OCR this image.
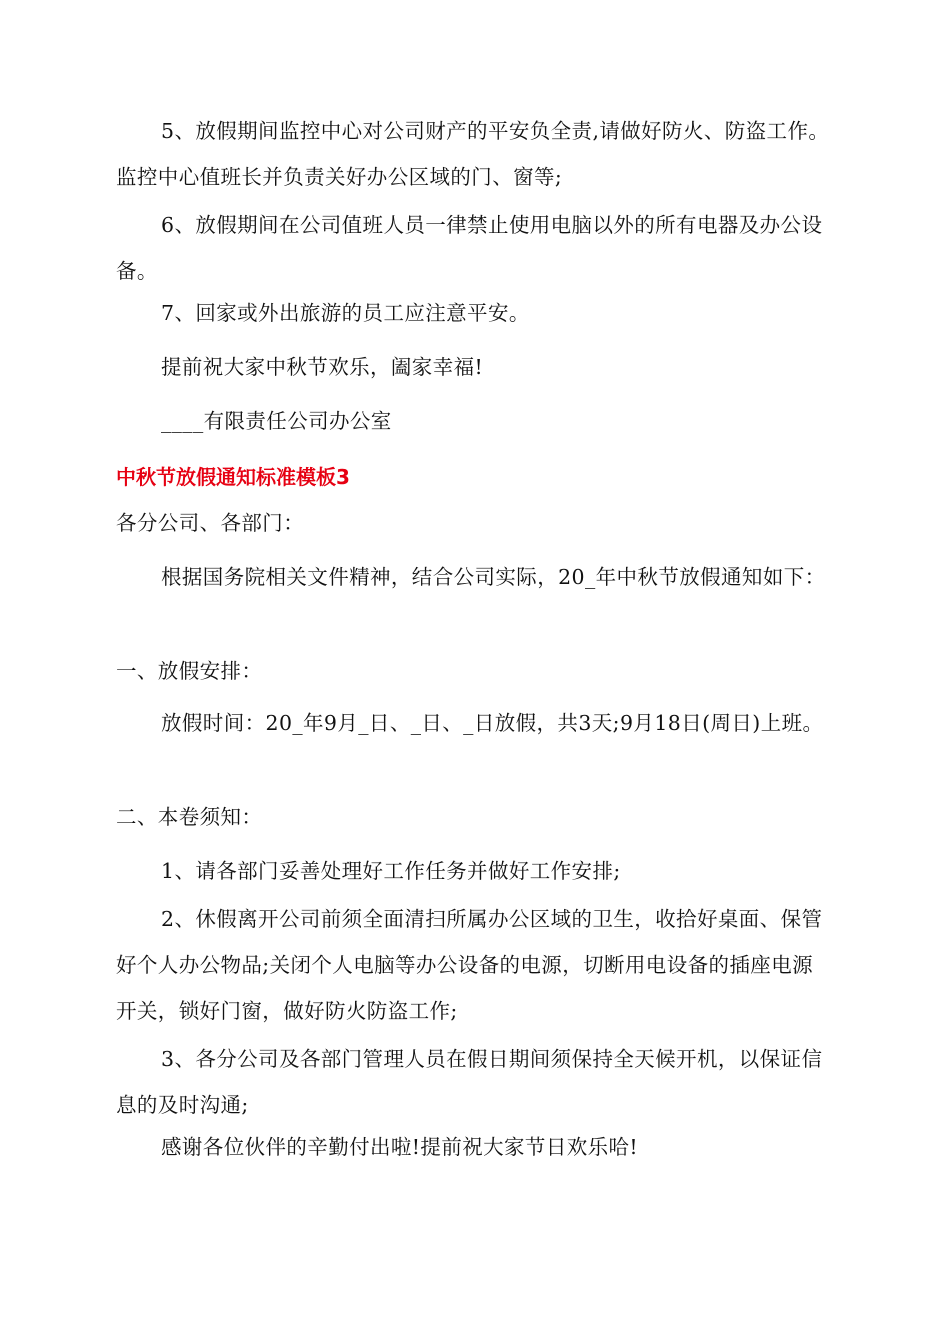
5、放假期间监控中心对公司财产的平安负全责,请做好防火、防盗工作。监控中心值班长并负责关好办公区域的门、窗等;

6、放假期间在公司值班人员一律禁止使用电脑以外的所有电器及办公设备。

7、回家或外出旅游的员工应注意平安。

提前祝大家中秋节欢乐，阖家幸福!

____有限责任公司办公室

中秋节放假通知标准模板3

各分公司、各部门：

根据国务院相关文件精神，结合公司实际，20_年中秋节放假通知如下：

一、放假安排：

放假时间：20_年9月_日、_日、_日放假，共3天;9月18日(周日)上班。

二、本卷须知：

1、请各部门妥善处理好工作任务并做好工作安排;

2、休假离开公司前须全面清扫所属办公区域的卫生，收拾好桌面、保管好个人办公物品;关闭个人电脑等办公设备的电源，切断用电设备的插座电源开关，锁好门窗，做好防火防盗工作;

3、各分公司及各部门管理人员在假日期间须保持全天候开机，以保证信息的及时沟通;

感谢各位伙伴的辛勤付出啦!提前祝大家节日欢乐哈!
